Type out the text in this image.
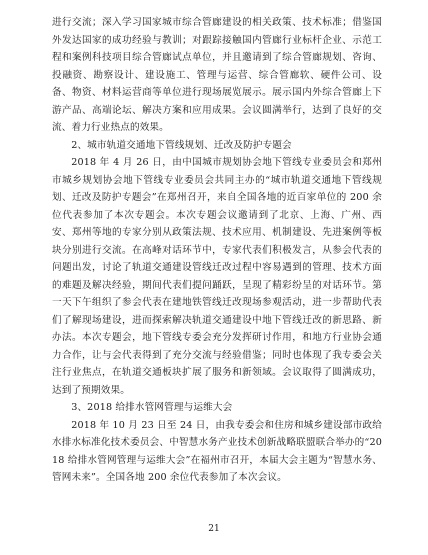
进行交流；深入学习国家城市综合管廊建设的相关政策、技术标准；借鉴国外发达国家的成功经验与教训；对跟踪接触国内管廊行业标杆企业、示范工程和案例科技项目综合管廊试点单位，并且邀请到了综合管廊规划、咨询、投融资、勘察设计、建设施工、管理与运营、综合管廊软、硬件公司、设备、物资、材料运营商等单位进行现场展览展示。展示国内外综合管廊上下游产品、高端论坛、解决方案和应用成果。会议圆满举行，达到了良好的交流、着力行业热点的效果。

2、城市轨道交通地下管线规划、迁改及防护专题会

2018 年 4 月 26 日，由中国城市规划协会地下管线专业委员会和郑州市城乡规划协会地下管线专业委员会共同主办的“城市轨道交通地下管线规划、迁改及防护专题会”在郑州召开，来自全国各地的近百家单位的 200 余位代表参加了本次专题会。本次专题会议邀请到了北京、上海、广州、西安、郑州等地的专家分别从政策法规、技术应用、机制建设、先进案例等板块分别进行交流。在高峰对话环节中，专家代表们积极发言，从参会代表的问题出发，讨论了轨道交通建设管线迁改过程中容易遇到的管理、技术方面的难题及解决经验，期间代表们提问踊跃，呈现了精彩纷呈的对话环节。第一天下午组织了参会代表在建地铁管线迁改现场参观活动，进一步帮助代表们了解现场建设，进而探索解决轨道交通建设中地下管线迁改的新思路、新办法。本次专题会，地下管线专委会充分发挥研讨作用，和地方行业协会通力合作，让与会代表得到了充分交流与经验借鉴；同时也体现了我专委会关注行业焦点，在轨道交通板块扩展了服务和新领域。会议取得了圆满成功，达到了预期效果。

3、2018 给排水管网管理与运维大会

2018 年 10 月 23 日至 24 日，由我专委会和住房和城乡建设部市政给水排水标准化技术委员会、中智慧水务产业技术创新战略联盟联合举办的“2018 给排水管网管理与运维大会”在福州市召开，本届大会主题为“智慧水务、管网未来”。全国各地 200 余位代表参加了本次会议。

21
